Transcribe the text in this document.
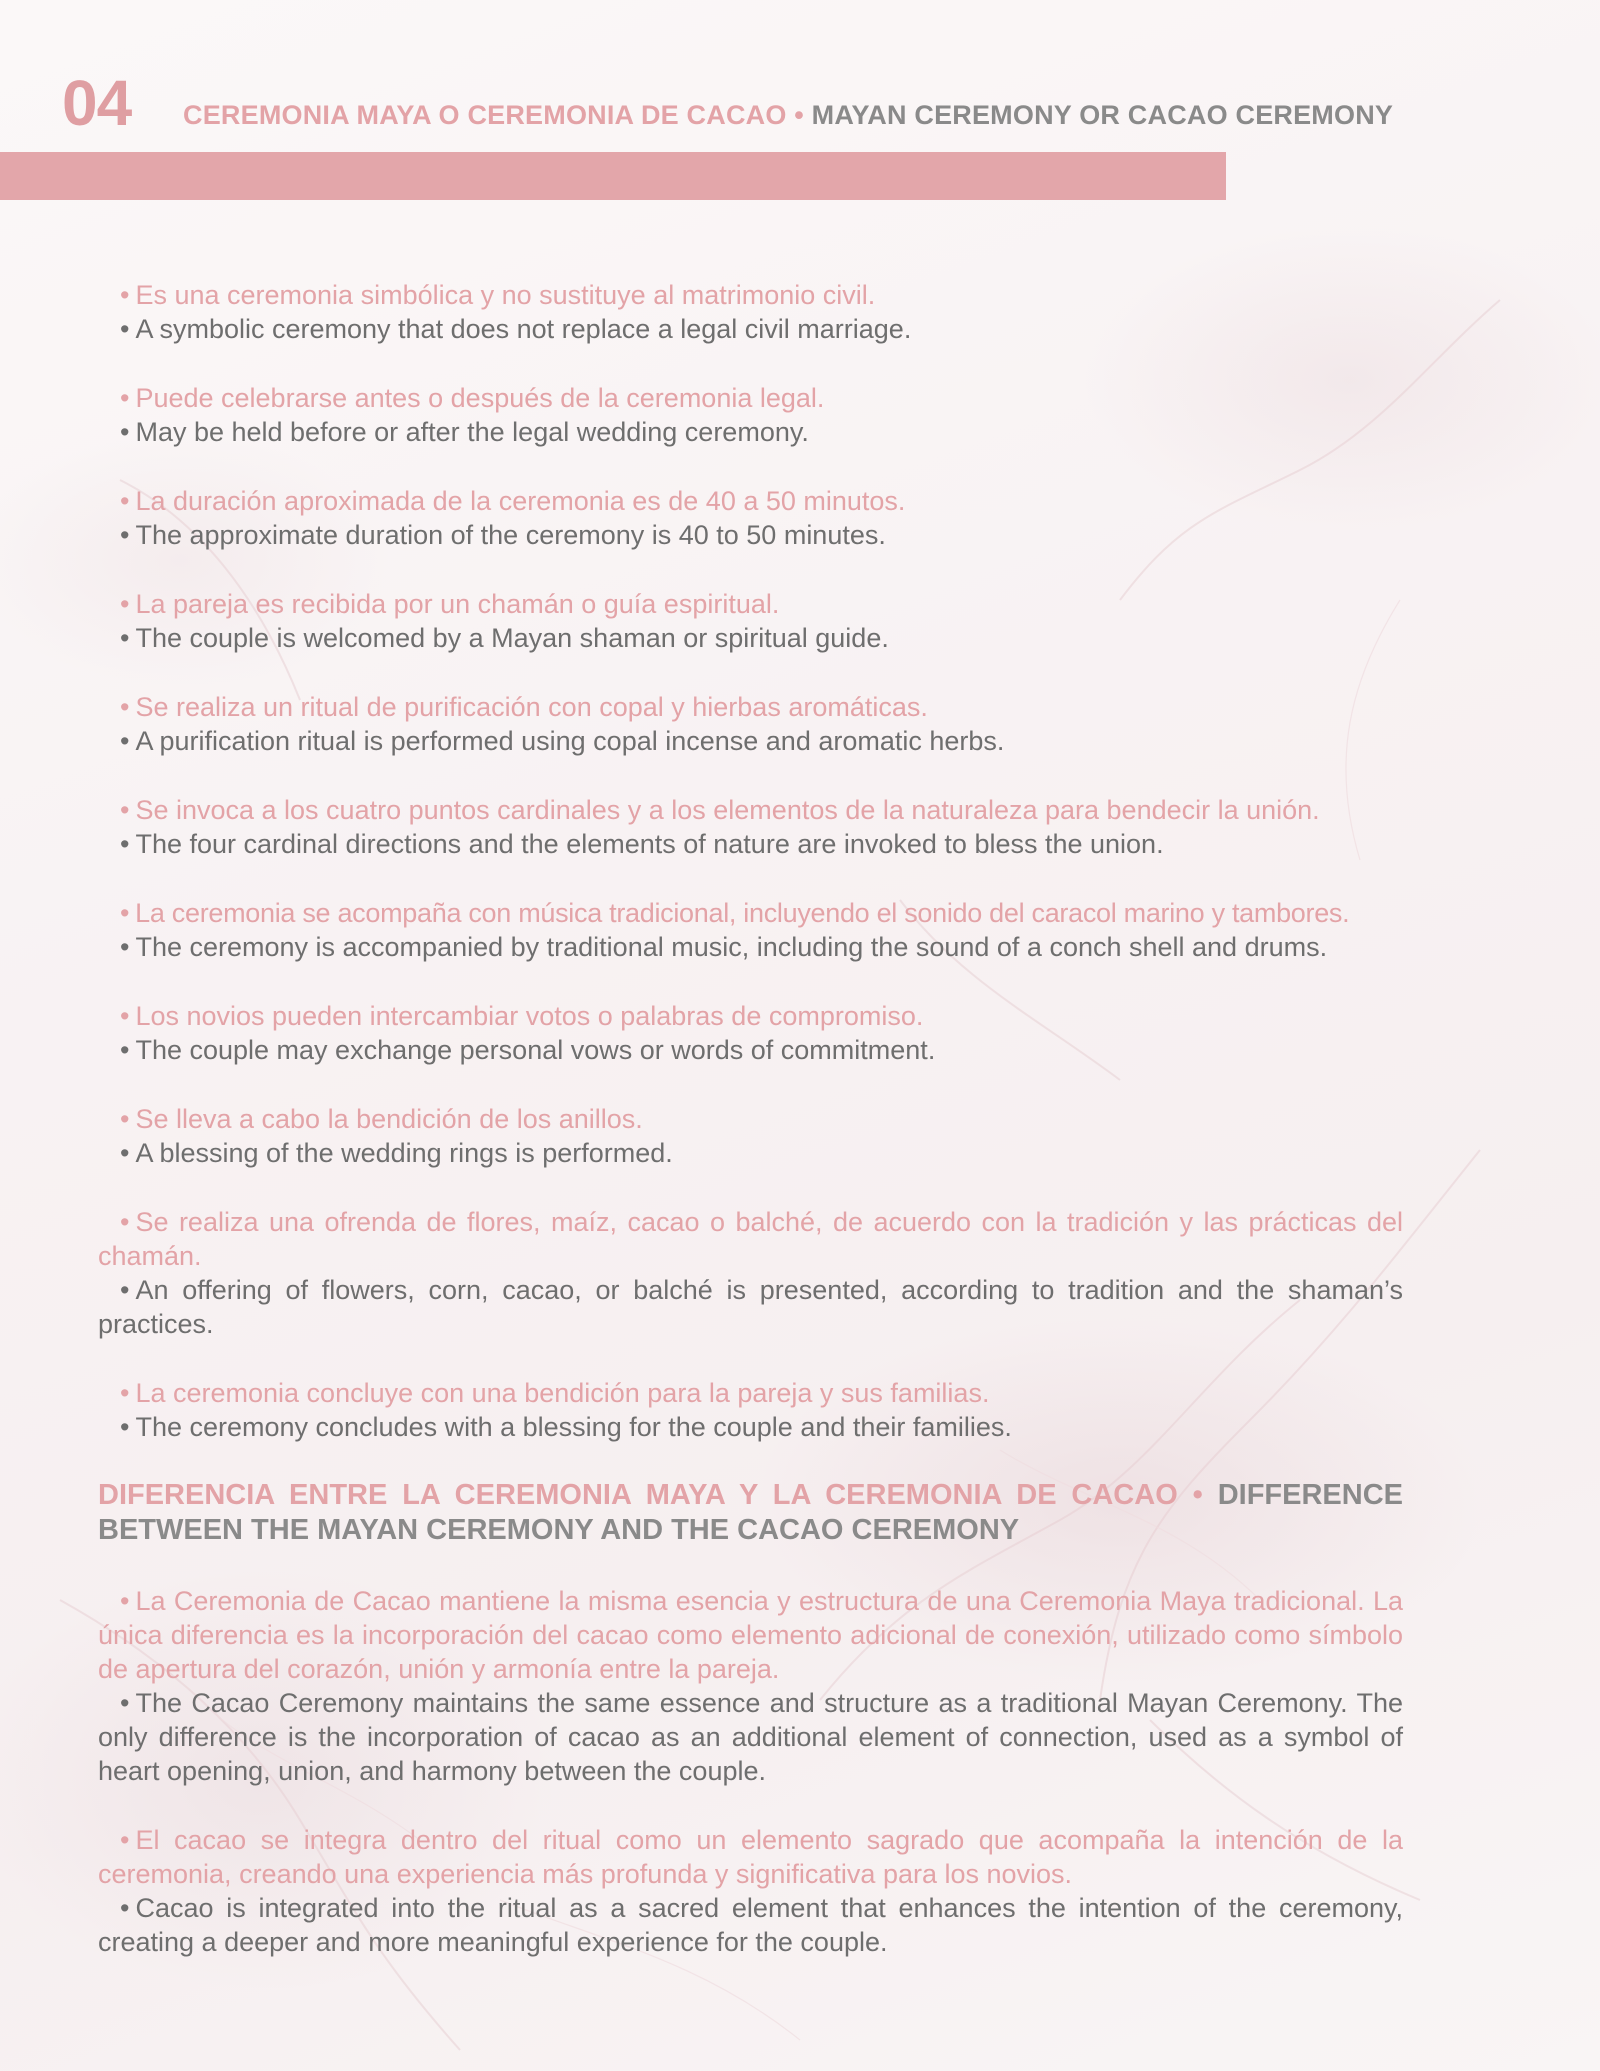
04 CEREMONIA MAYA O CEREMONIA DE CACAO • MAYAN CEREMONY OR CACAO CEREMONY
• Es una ceremonia simbólica y no sustituye al matrimonio civil.
• A symbolic ceremony that does not replace a legal civil marriage.
• Puede celebrarse antes o después de la ceremonia legal.
• May be held before or after the legal wedding ceremony.
• La duración aproximada de la ceremonia es de 40 a 50 minutos.
• The approximate duration of the ceremony is 40 to 50 minutes.
• La pareja es recibida por un chamán o guía espiritual.
• The couple is welcomed by a Mayan shaman or spiritual guide.
• Se realiza un ritual de purificación con copal y hierbas aromáticas.
• A purification ritual is performed using copal incense and aromatic herbs.
• Se invoca a los cuatro puntos cardinales y a los elementos de la naturaleza para bendecir la unión.
• The four cardinal directions and the elements of nature are invoked to bless the union.
• La ceremonia se acompaña con música tradicional, incluyendo el sonido del caracol marino y tambores.
• The ceremony is accompanied by traditional music, including the sound of a conch shell and drums.
• Los novios pueden intercambiar votos o palabras de compromiso.
• The couple may exchange personal vows or words of commitment.
• Se lleva a cabo la bendición de los anillos.
• A blessing of the wedding rings is performed.
• Se realiza una ofrenda de flores, maíz, cacao o balché, de acuerdo con la tradición y las prácticas del chamán.
• An offering of flowers, corn, cacao, or balché is presented, according to tradition and the shaman’s practices.
• La ceremonia concluye con una bendición para la pareja y sus familias.
• The ceremony concludes with a blessing for the couple and their families.
DIFERENCIA ENTRE LA CEREMONIA MAYA Y LA CEREMONIA DE CACAO • DIFFERENCE BETWEEN THE MAYAN CEREMONY AND THE CACAO CEREMONY
• La Ceremonia de Cacao mantiene la misma esencia y estructura de una Ceremonia Maya tradicional. La única diferencia es la incorporación del cacao como elemento adicional de conexión, utilizado como símbolo de apertura del corazón, unión y armonía entre la pareja.
• The Cacao Ceremony maintains the same essence and structure as a traditional Mayan Ceremony. The only difference is the incorporation of cacao as an additional element of connection, used as a symbol of heart opening, union, and harmony between the couple.
• El cacao se integra dentro del ritual como un elemento sagrado que acompaña la intención de la ceremonia, creando una experiencia más profunda y significativa para los novios.
• Cacao is integrated into the ritual as a sacred element that enhances the intention of the ceremony, creating a deeper and more meaningful experience for the couple.
